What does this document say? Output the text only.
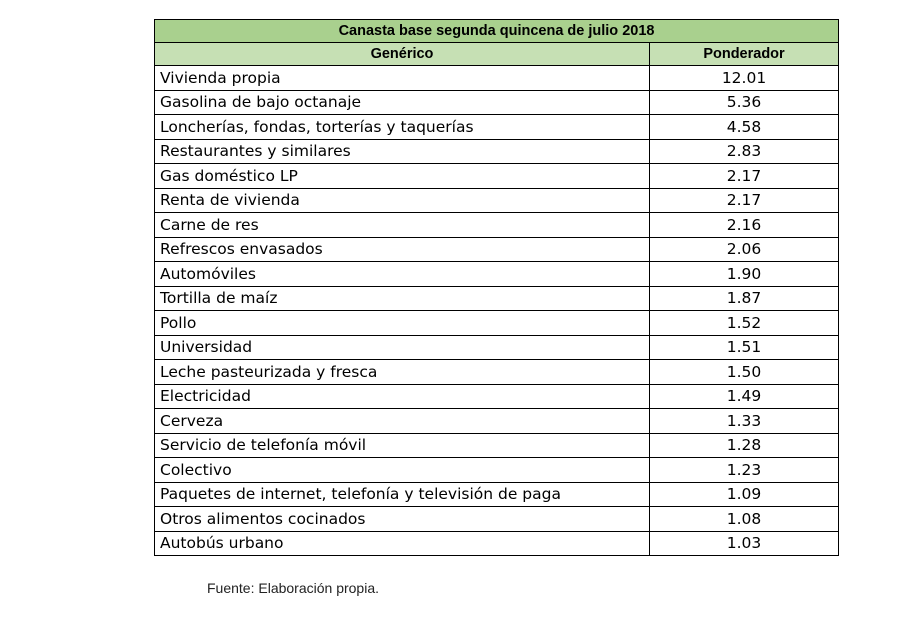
Canasta base segunda quincena de julio 2018	
Genérico	Ponderador
Vivienda propia	12.01
Gasolina de bajo octanaje	5.36
Loncherías, fondas, torterías y taquerías	4.58
Restaurantes y similares	2.83
Gas doméstico LP	2.17
Renta de vivienda	2.17
Carne de res	2.16
Refrescos envasados	2.06
Automóviles	1.90
Tortilla de maíz	1.87
Pollo	1.52
Universidad	1.51
Leche pasteurizada y fresca	1.50
Electricidad	1.49
Cerveza	1.33
Servicio de telefonía móvil	1.28
Colectivo	1.23
Paquetes de internet, telefonía y televisión de paga	1.09
Otros alimentos cocinados	1.08
Autobús urbano	1.03
Fuente: Elaboración propia.
